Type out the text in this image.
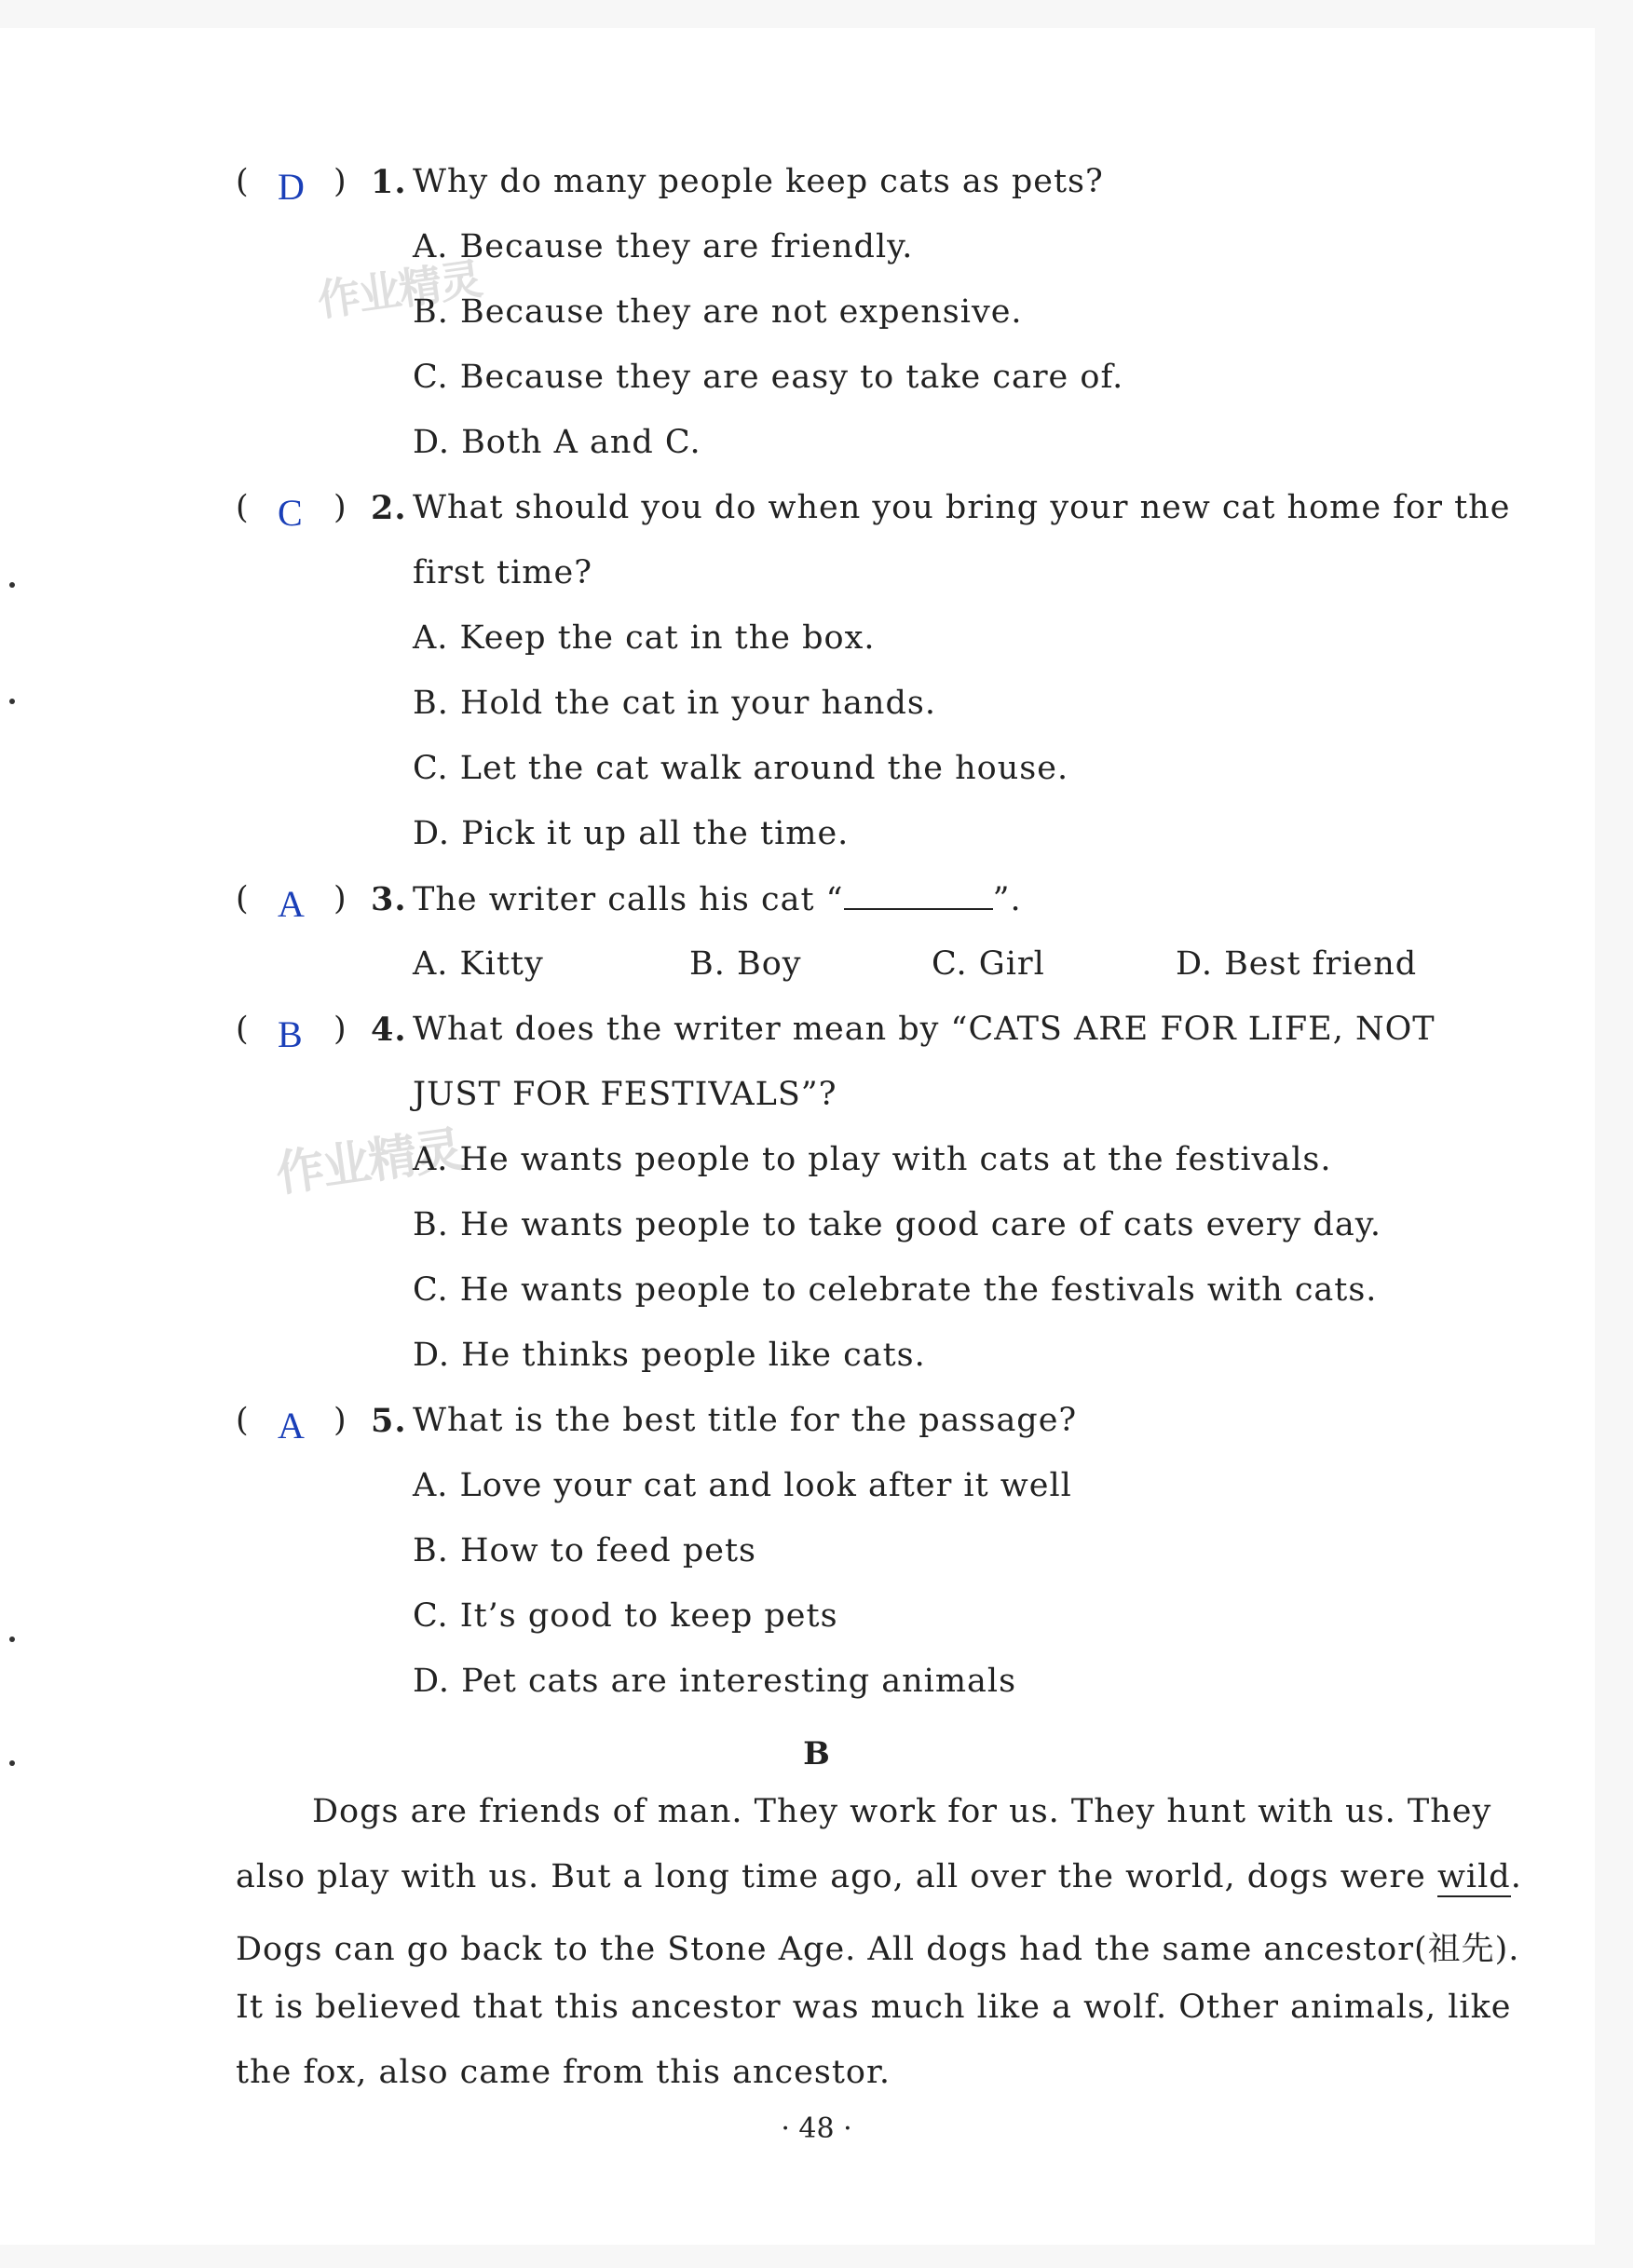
作业精灵
作业精灵
( D ) 1. Why do many people keep cats as pets?
A. Because they are friendly.
B. Because they are not expensive.
C. Because they are easy to take care of.
D. Both A and C.
( C ) 2. What should you do when you bring your new cat home for the
first time?
A. Keep the cat in the box.
B. Hold the cat in your hands.
C. Let the cat walk around the house.
D. Pick it up all the time.
( A ) 3. The writer calls his cat “	”.
A. Kitty	B. Boy	C. Girl	D. Best friend
( B ) 4. What does the writer mean by “CATS ARE FOR LIFE, NOT
JUST FOR FESTIVALS”?
A. He wants people to play with cats at the festivals.
B. He wants people to take good care of cats every day.
C. He wants people to celebrate the festivals with cats.
D. He thinks people like cats.
( A ) 5. What is the best title for the passage?
A. Love your cat and look after it well
B. How to feed pets
C. It’s good to keep pets
D. Pet cats are interesting animals
B
Dogs are friends of man. They work for us. They hunt with us. They
also play with us. But a long time ago, all over the world, dogs were wild.
Dogs can go back to the Stone Age. All dogs had the same ancestor(祖先).
It is believed that this ancestor was much like a wolf. Other animals, like
the fox, also came from this ancestor.
· 48 ·
